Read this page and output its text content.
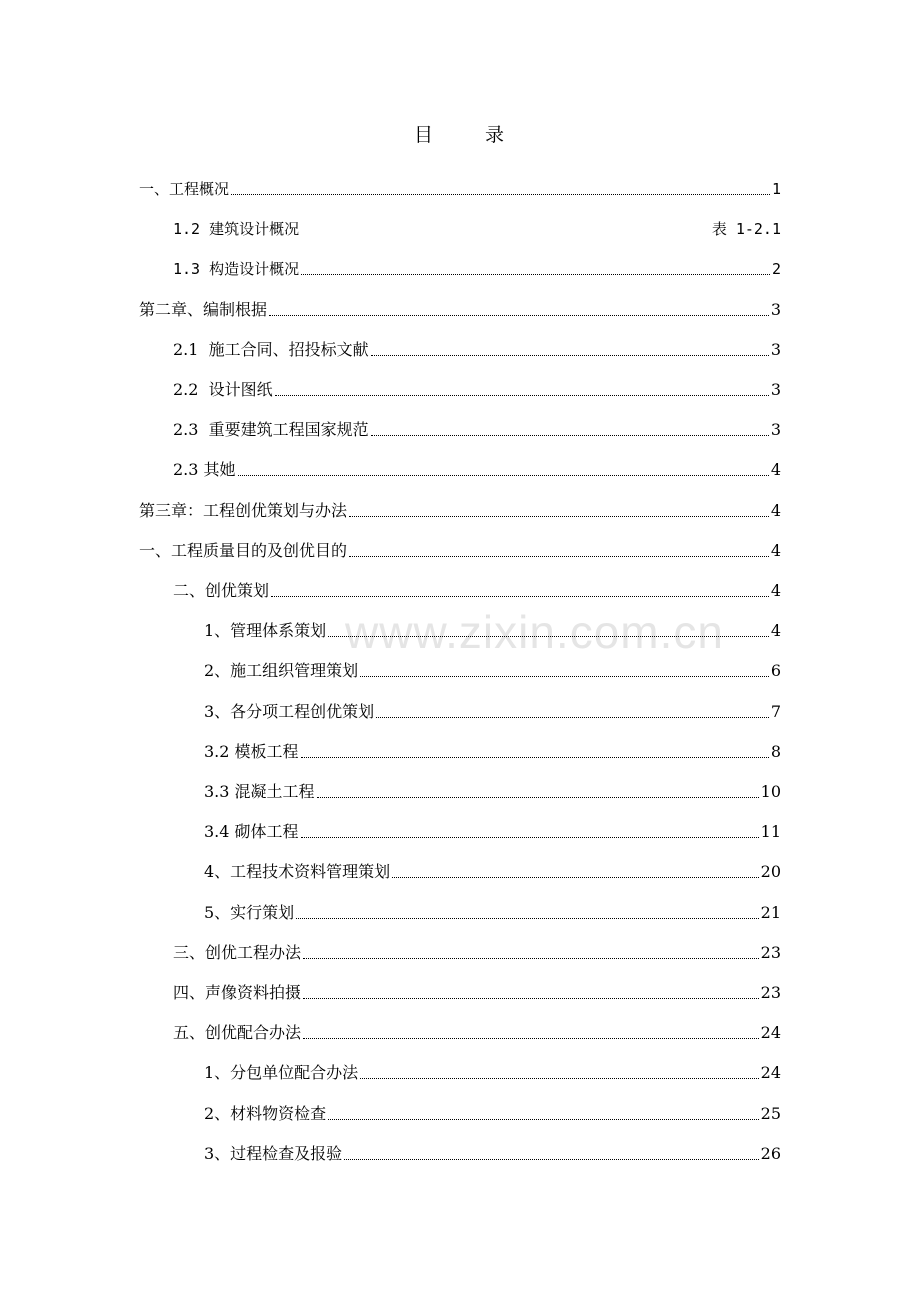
目	录
www.zixin.com.cn
一、工程概况	1
1.2 建筑设计概况	表 1-2.1
1.3 构造设计概况	2
第二章、编制根据	3
2.1  施工合同、招投标文献	3
2.2  设计图纸	3
2.3  重要建筑工程国家规范	3
2.3 其她	4
第三章：工程创优策划与办法	4
一、工程质量目的及创优目的	4
二、创优策划	4
1、管理体系策划	4
2、施工组织管理策划	6
3、各分项工程创优策划	7
3.2 模板工程	8
3.3 混凝土工程	10
3.4 砌体工程	11
4、工程技术资料管理策划	20
5、实行策划	21
三、创优工程办法	23
四、声像资料拍摄	23
五、创优配合办法	24
1、分包单位配合办法	24
2、材料物资检查	25
3、过程检查及报验	26
